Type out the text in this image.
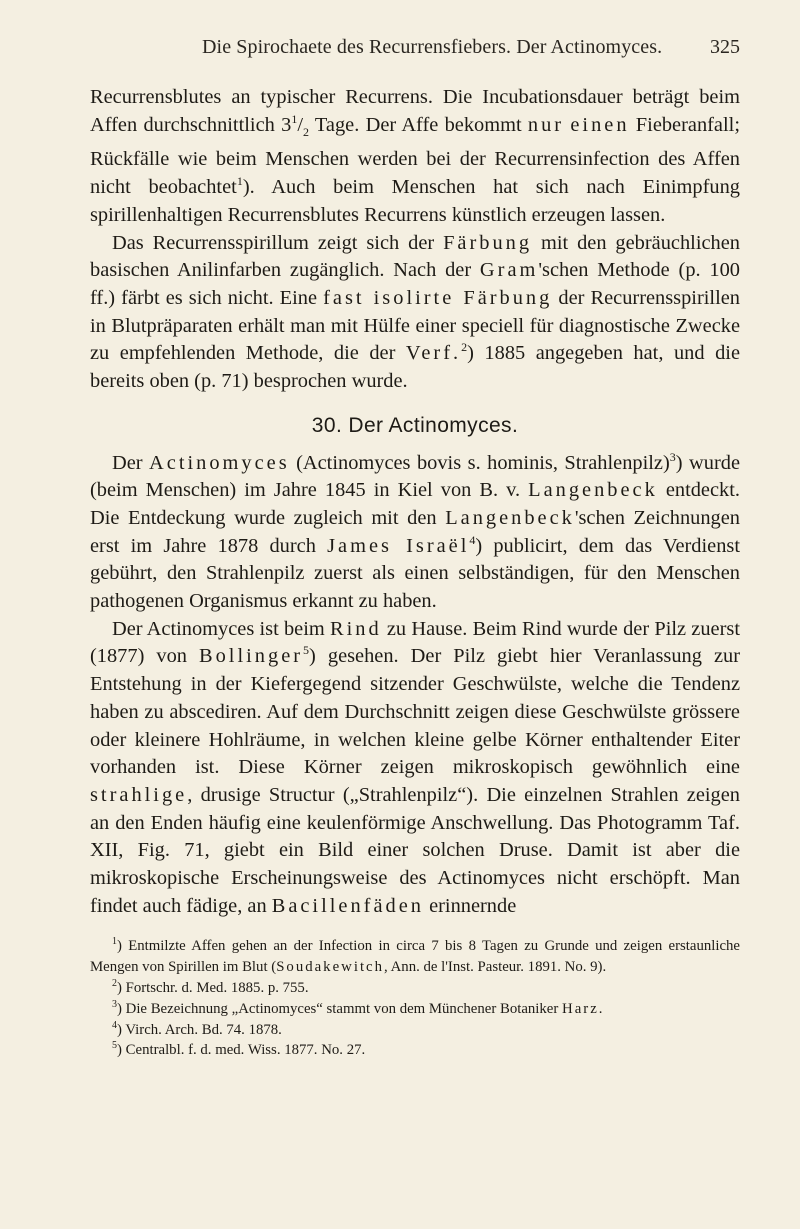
Die Spirochaete des Recurrensfiebers. Der Actinomyces. 325

Recurrensblutes an typischer Recurrens. Die Incubationsdauer beträgt beim Affen durchschnittlich $3^1/_2$ Tage. Der Affe bekommt nur einen Fieberanfall; Rückfälle wie beim Menschen werden bei der Recurrensinfection des Affen nicht beobachtet$^1$). Auch beim Menschen hat sich nach Einimpfung spirillenhaltigen Recurrensblutes Recurrens künstlich erzeugen lassen.

Das Recurrensspirillum zeigt sich der Färbung mit den gebräuchlichen basischen Anilinfarben zugänglich. Nach der Gram'schen Methode (p. 100 ff.) färbt es sich nicht. Eine fast isolirte Färbung der Recurrensspirillen in Blutpräparaten erhält man mit Hülfe einer speciell für diagnostische Zwecke zu empfehlenden Methode, die der Verf.$^2$) 1885 angegeben hat, und die bereits oben (p. 71) besprochen wurde.

30. Der Actinomyces.

Der Actinomyces (Actinomyces bovis s. hominis, Strahlenpilz)$^3$) wurde (beim Menschen) im Jahre 1845 in Kiel von B. v. Langenbeck entdeckt. Die Entdeckung wurde zugleich mit den Langenbeck'schen Zeichnungen erst im Jahre 1878 durch James Israël$^4$) publicirt, dem das Verdienst gebührt, den Strahlenpilz zuerst als einen selbständigen, für den Menschen pathogenen Organismus erkannt zu haben.

Der Actinomyces ist beim Rind zu Hause. Beim Rind wurde der Pilz zuerst (1877) von Bollinger$^5$) gesehen. Der Pilz giebt hier Veranlassung zur Entstehung in der Kiefergegend sitzender Geschwülste, welche die Tendenz haben zu abscediren. Auf dem Durchschnitt zeigen diese Geschwülste grössere oder kleinere Hohlräume, in welchen kleine gelbe Körner enthaltender Eiter vorhanden ist. Diese Körner zeigen mikroskopisch gewöhnlich eine strahlige, drusige Structur („Strahlenpilz“). Die einzelnen Strahlen zeigen an den Enden häufig eine keulenförmige Anschwellung. Das Photogramm Taf. XII, Fig. 71, giebt ein Bild einer solchen Druse. Damit ist aber die mikroskopische Erscheinungsweise des Actinomyces nicht erschöpft. Man findet auch fädige, an Bacillenfäden erinnernde

$^1$) Entmilzte Affen gehen an der Infection in circa 7 bis 8 Tagen zu Grunde und zeigen erstaunliche Mengen von Spirillen im Blut (Soudakewitch, Ann. de l'Inst. Pasteur. 1891. No. 9).

$^2$) Fortschr. d. Med. 1885. p. 755.

$^3$) Die Bezeichnung „Actinomyces“ stammt von dem Münchener Botaniker Harz.

$^4$) Virch. Arch. Bd. 74. 1878.

$^5$) Centralbl. f. d. med. Wiss. 1877. No. 27.
